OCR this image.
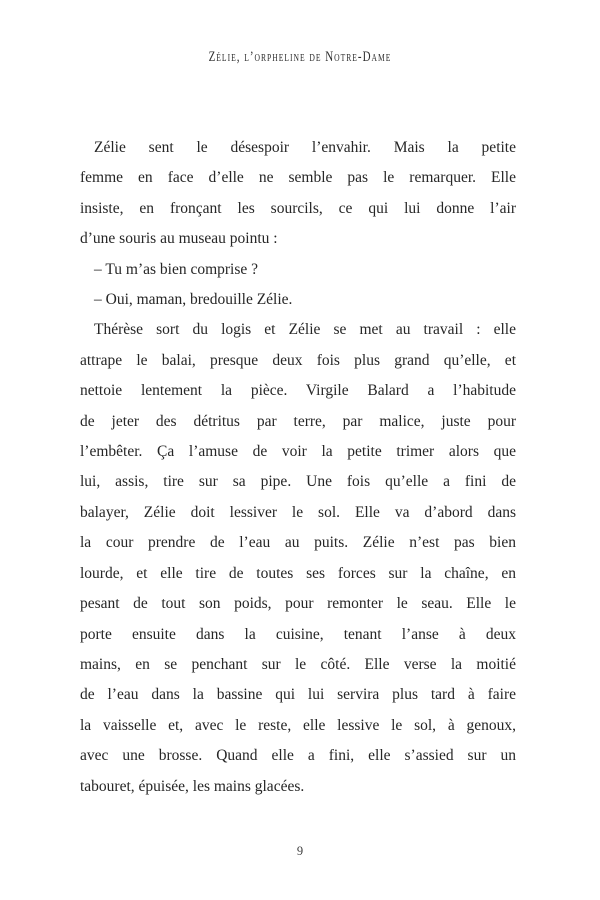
Zélie, l’orpheline de Notre-Dame
Zélie sent le désespoir l’envahir. Mais la petite
femme en face d’elle ne semble pas le remarquer. Elle
insiste, en fronçant les sourcils, ce qui lui donne l’air
d’une souris au museau pointu :
– Tu m’as bien comprise ?
– Oui, maman, bredouille Zélie.
Thérèse sort du logis et Zélie se met au travail : elle
attrape le balai, presque deux fois plus grand qu’elle, et
nettoie lentement la pièce. Virgile Balard a l’habitude
de jeter des détritus par terre, par malice, juste pour
l’embêter. Ça l’amuse de voir la petite trimer alors que
lui, assis, tire sur sa pipe. Une fois qu’elle a fini de
balayer, Zélie doit lessiver le sol. Elle va d’abord dans
la cour prendre de l’eau au puits. Zélie n’est pas bien
lourde, et elle tire de toutes ses forces sur la chaîne, en
pesant de tout son poids, pour remonter le seau. Elle le
porte ensuite dans la cuisine, tenant l’anse à deux
mains, en se penchant sur le côté. Elle verse la moitié
de l’eau dans la bassine qui lui servira plus tard à faire
la vaisselle et, avec le reste, elle lessive le sol, à genoux,
avec une brosse. Quand elle a fini, elle s’assied sur un
tabouret, épuisée, les mains glacées.
9
